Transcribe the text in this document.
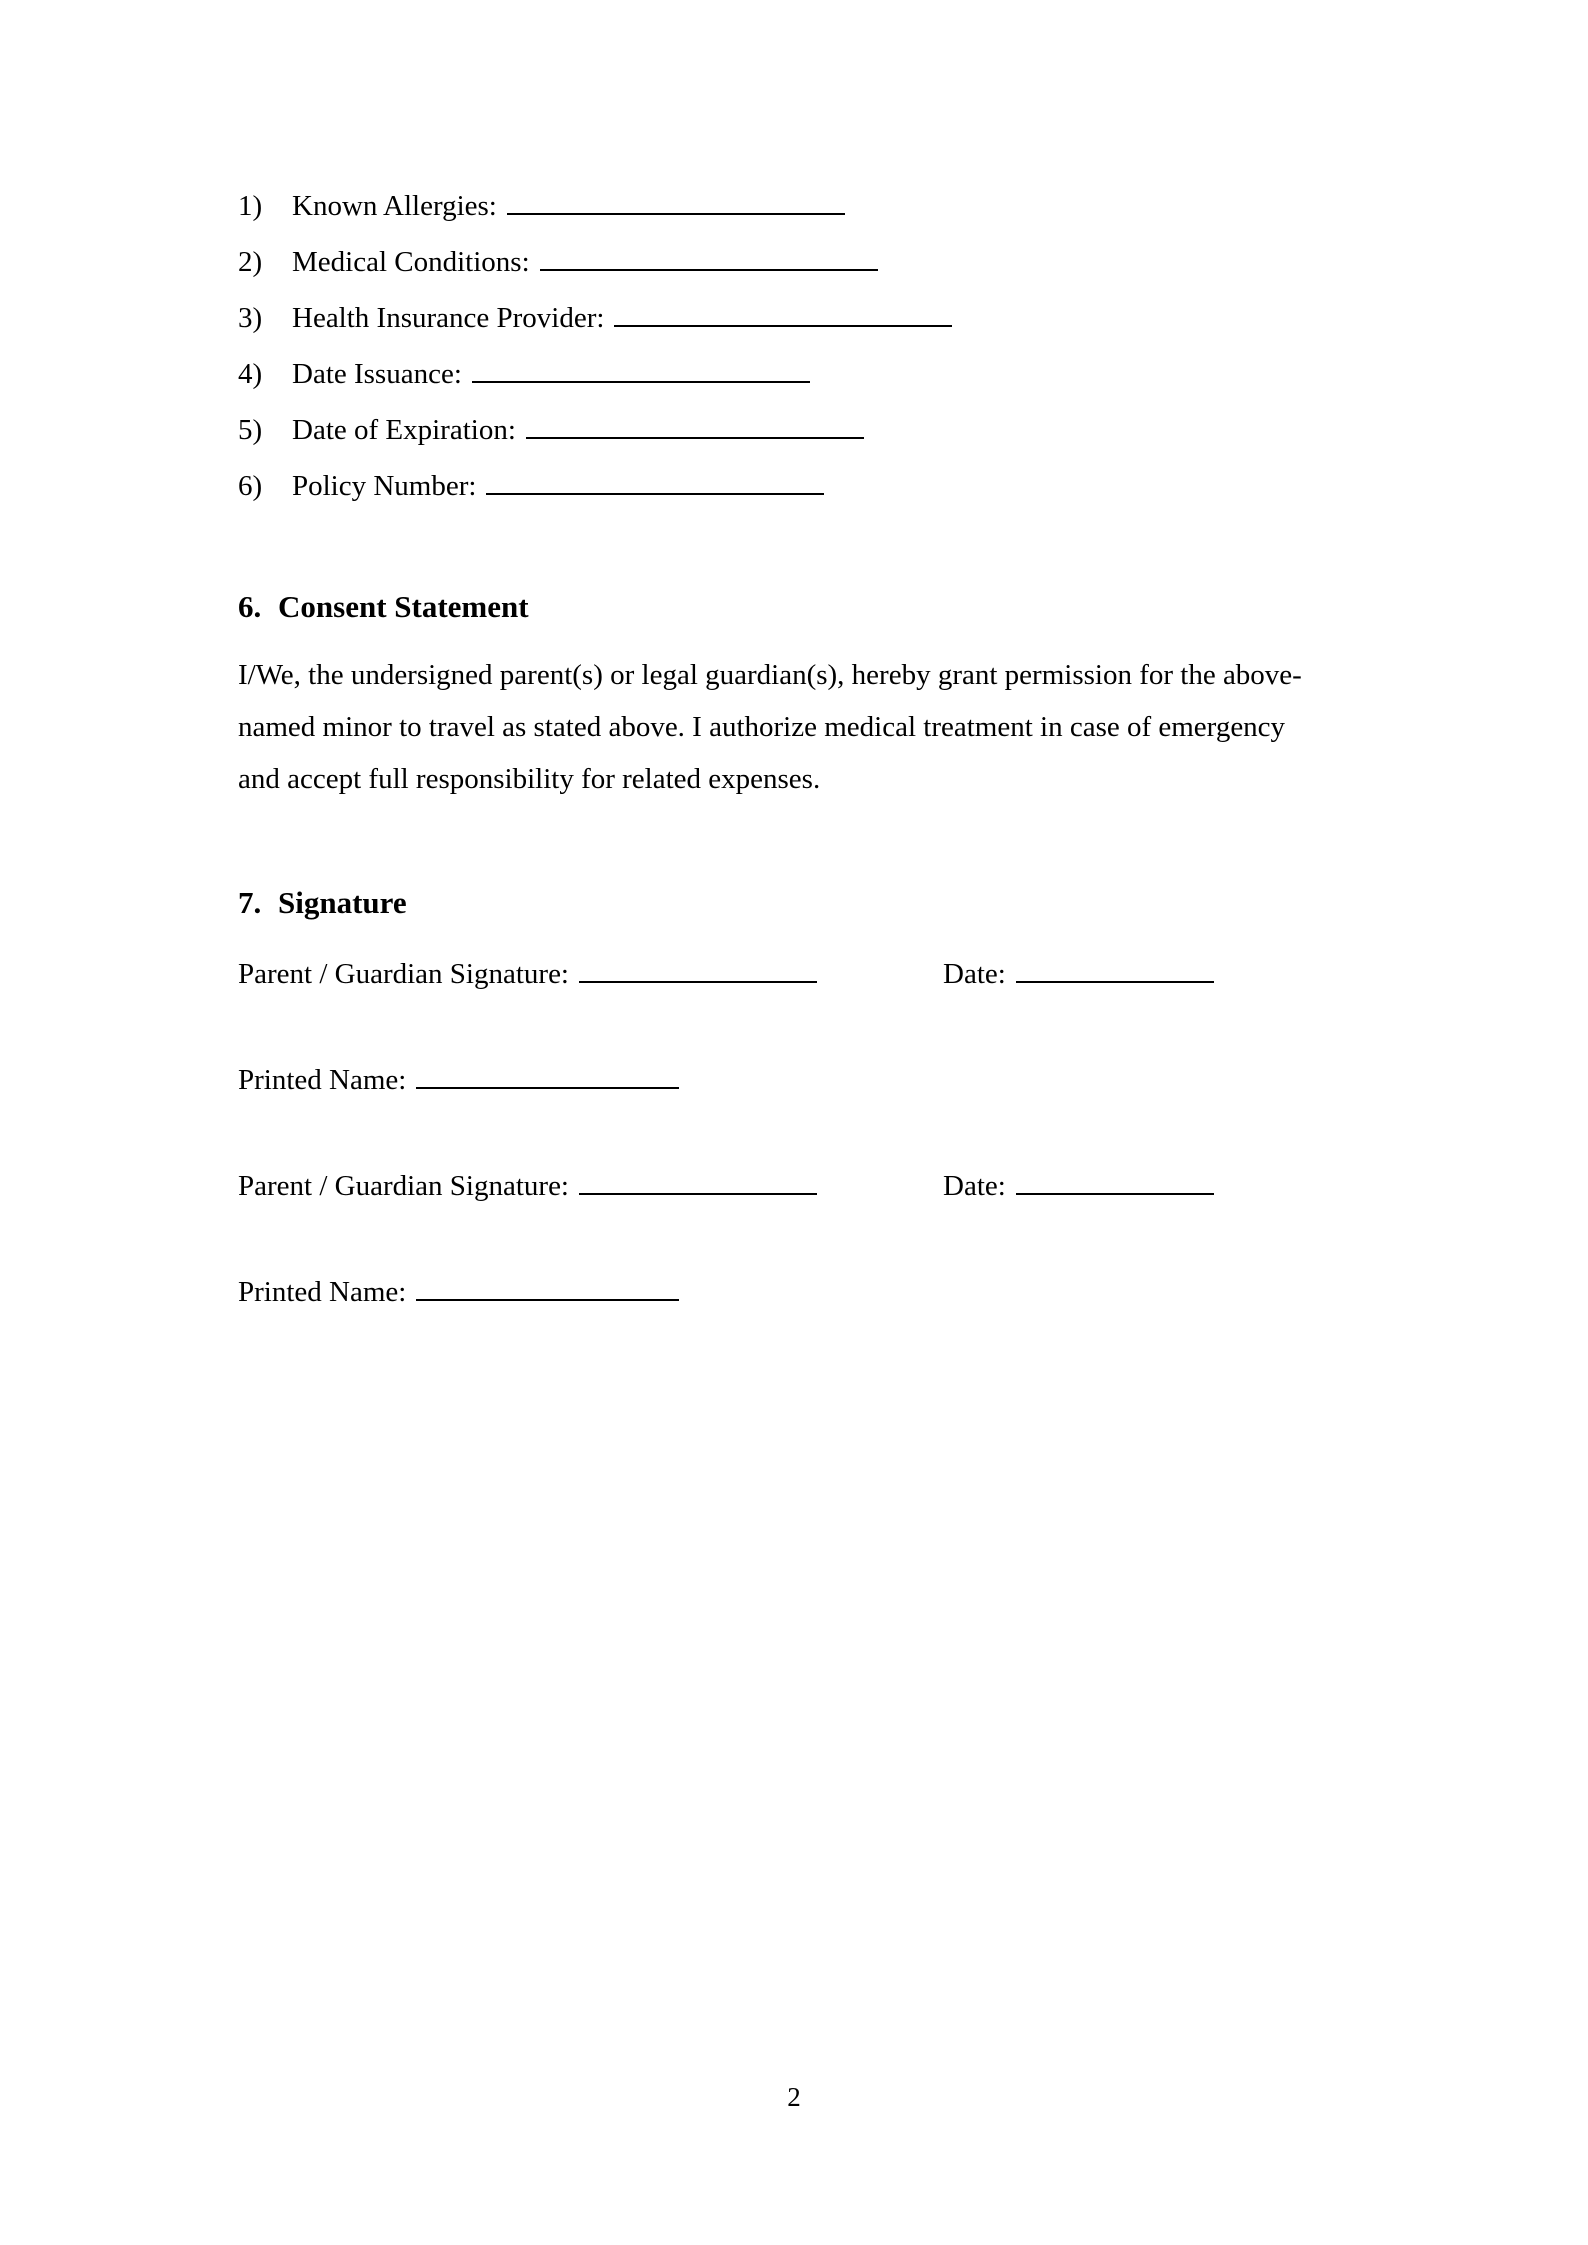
1) Known Allergies:
2) Medical Conditions:
3) Health Insurance Provider:
4) Date Issuance:
5) Date of Expiration:
6) Policy Number:
6. Consent Statement
I/We, the undersigned parent(s) or legal guardian(s), hereby grant permission for the above-named minor to travel as stated above. I authorize medical treatment in case of emergency and accept full responsibility for related expenses.
7. Signature
Parent / Guardian Signature:	Date:
Printed Name:
Parent / Guardian Signature:	Date:
Printed Name:
2
